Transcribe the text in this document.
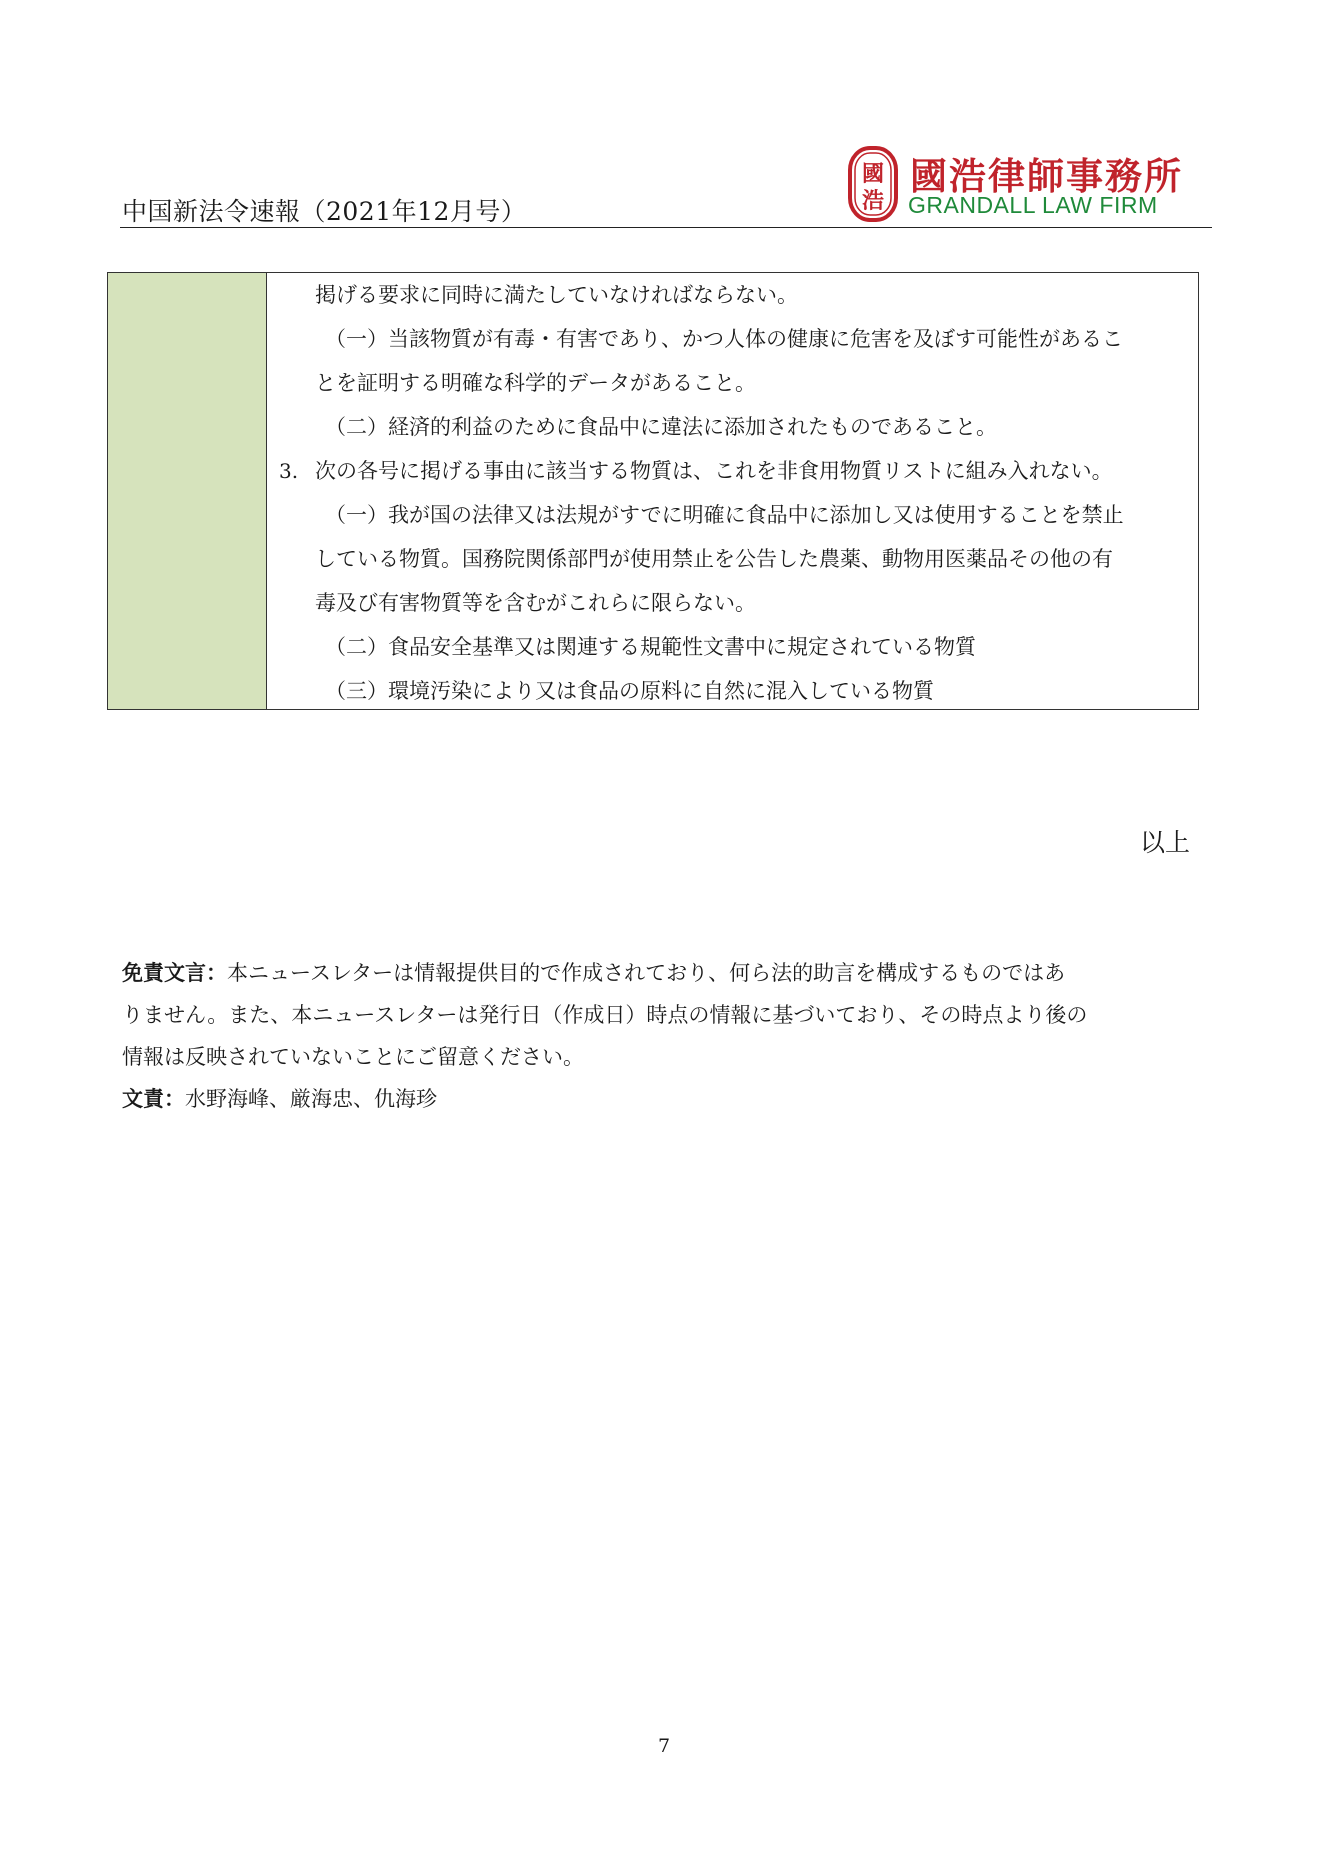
中国新法令速報（2021年12月号）
國
浩
國浩律師事務所
GRANDALL LAW FIRM
掲げる要求に同時に満たしていなければならない。
（一）当該物質が有毒・有害であり、かつ人体の健康に危害を及ぼす可能性があるこ
とを証明する明確な科学的データがあること。
（二）経済的利益のために食品中に違法に添加されたものであること。
3. 次の各号に掲げる事由に該当する物質は、これを非食用物質リストに組み入れない。
（一）我が国の法律又は法規がすでに明確に食品中に添加し又は使用することを禁止
している物質。国務院関係部門が使用禁止を公告した農薬、動物用医薬品その他の有
毒及び有害物質等を含むがこれらに限らない。
（二）食品安全基準又は関連する規範性文書中に規定されている物質
（三）環境汚染により又は食品の原料に自然に混入している物質
以上
免責文言：本ニュースレターは情報提供目的で作成されており、何ら法的助言を構成するものではあ
りません。また、本ニュースレターは発行日（作成日）時点の情報に基づいており、その時点より後の
情報は反映されていないことにご留意ください。
文責：水野海峰、厳海忠、仇海珍
7
